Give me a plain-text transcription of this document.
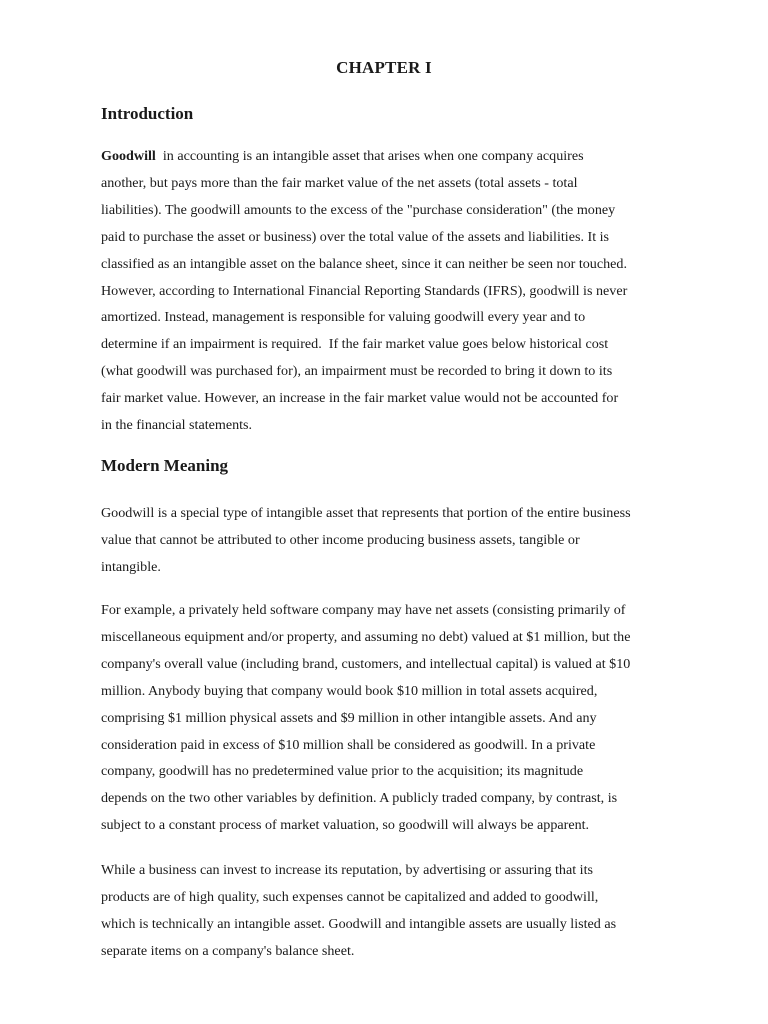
CHAPTER I
Introduction

Goodwill  in accounting is an intangible asset that arises when one company acquires
another, but pays more than the fair market value of the net assets (total assets - total
liabilities). The goodwill amounts to the excess of the "purchase consideration" (the money
paid to purchase the asset or business) over the total value of the assets and liabilities. It is
classified as an intangible asset on the balance sheet, since it can neither be seen nor touched.
However, according to International Financial Reporting Standards (IFRS), goodwill is never
amortized. Instead, management is responsible for valuing goodwill every year and to
determine if an impairment is required.  If the fair market value goes below historical cost
(what goodwill was purchased for), an impairment must be recorded to bring it down to its
fair market value. However, an increase in the fair market value would not be accounted for
in the financial statements.

Modern Meaning

Goodwill is a special type of intangible asset that represents that portion of the entire business
value that cannot be attributed to other income producing business assets, tangible or
intangible.

For example, a privately held software company may have net assets (consisting primarily of
miscellaneous equipment and/or property, and assuming no debt) valued at $1 million, but the
company's overall value (including brand, customers, and intellectual capital) is valued at $10
million. Anybody buying that company would book $10 million in total assets acquired,
comprising $1 million physical assets and $9 million in other intangible assets. And any
consideration paid in excess of $10 million shall be considered as goodwill. In a private
company, goodwill has no predetermined value prior to the acquisition; its magnitude
depends on the two other variables by definition. A publicly traded company, by contrast, is
subject to a constant process of market valuation, so goodwill will always be apparent.

While a business can invest to increase its reputation, by advertising or assuring that its
products are of high quality, such expenses cannot be capitalized and added to goodwill,
which is technically an intangible asset. Goodwill and intangible assets are usually listed as
separate items on a company's balance sheet.
